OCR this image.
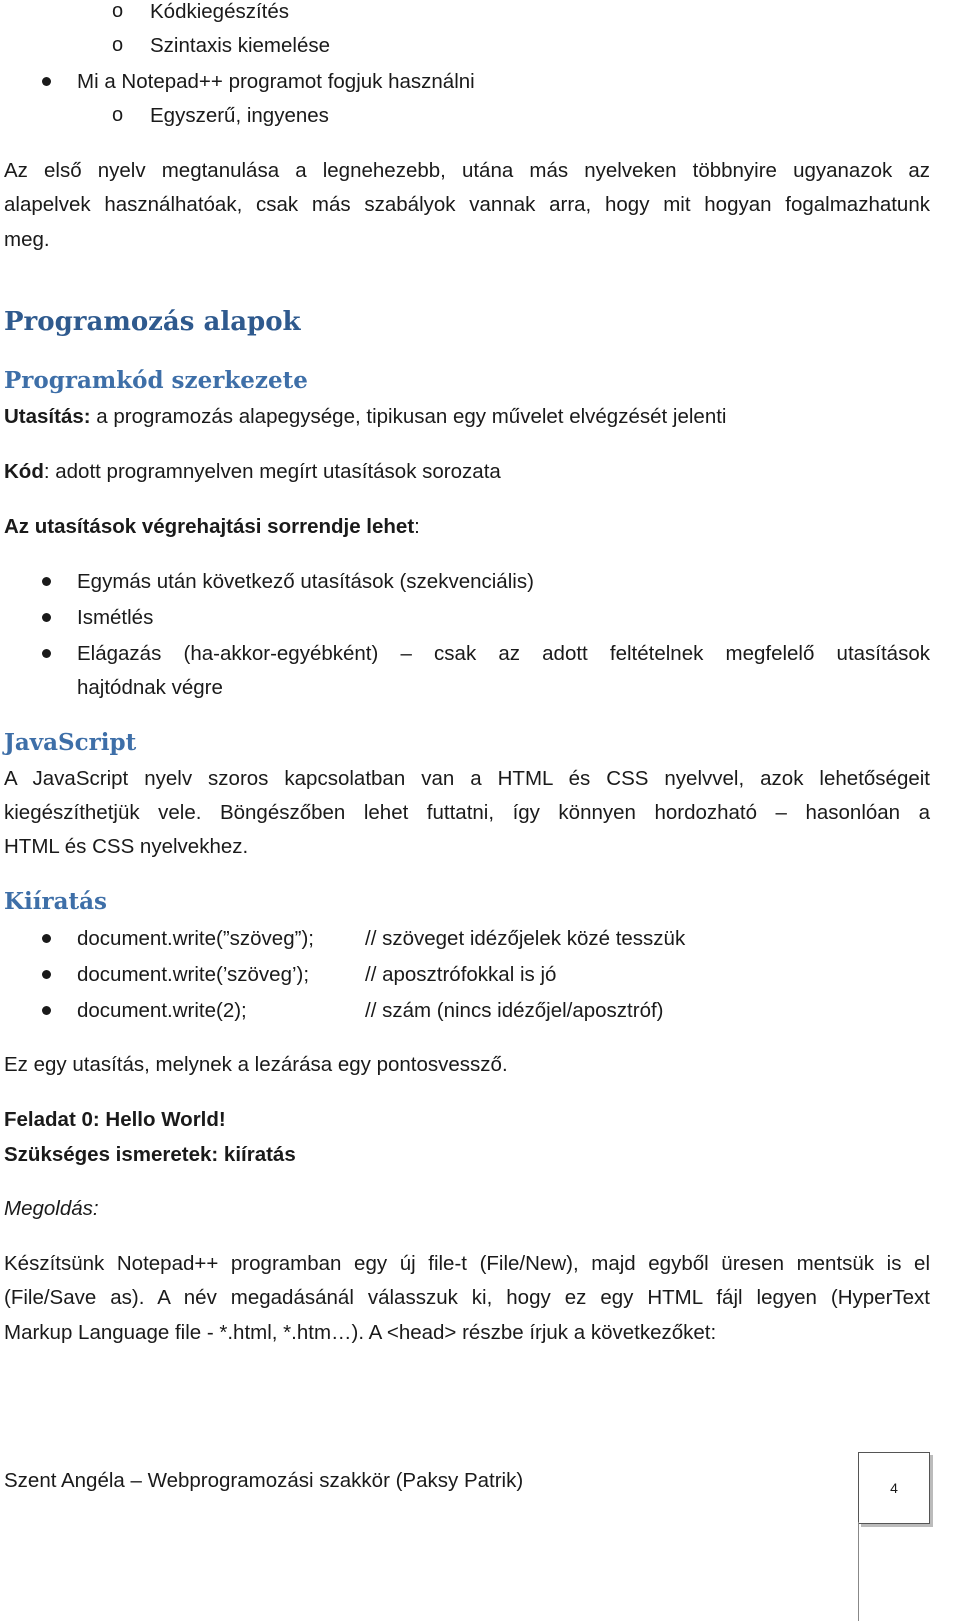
o Kódkiegészítés
o Szintaxis kiemelése
Mi a Notepad++ programot fogjuk használni
o Egyszerű, ingyenes
Az első nyelv megtanulása a legnehezebb, utána más nyelveken többnyire ugyanazok az
alapelvek használhatóak, csak más szabályok vannak arra, hogy mit hogyan fogalmazhatunk
meg.
Programozás alapok
Programkód szerkezete
Utasítás: a programozás alapegysége, tipikusan egy művelet elvégzését jelenti
Kód: adott programnyelven megírt utasítások sorozata
Az utasítások végrehajtási sorrendje lehet:
Egymás után következő utasítások (szekvenciális)
Ismétlés
Elágazás (ha-akkor-egyébként) – csak az adott feltételnek megfelelő utasítások
hajtódnak végre
JavaScript
A JavaScript nyelv szoros kapcsolatban van a HTML és CSS nyelvvel, azok lehetőségeit
kiegészíthetjük vele. Böngészőben lehet futtatni, így könnyen hordozható – hasonlóan a
HTML és CSS nyelvekhez.
Kiíratás
document.write(”szöveg”); // szöveget idézőjelek közé tesszük
document.write(’szöveg’);	// aposztrófokkal is jó
document.write(2);	// szám (nincs idézőjel/aposztróf)
Ez egy utasítás, melynek a lezárása egy pontosvessző.
Feladat 0: Hello World!
Szükséges ismeretek: kiíratás
Megoldás:
Készítsünk Notepad++ programban egy új file-t (File/New), majd egyből üresen mentsük is el
(File/Save as). A név megadásánál válasszuk ki, hogy ez egy HTML fájl legyen (HyperText
Markup Language file - *.html, *.htm…). A <head> részbe írjuk a következőket:
Szent Angéla – Webprogramozási szakkör (Paksy Patrik)	4
